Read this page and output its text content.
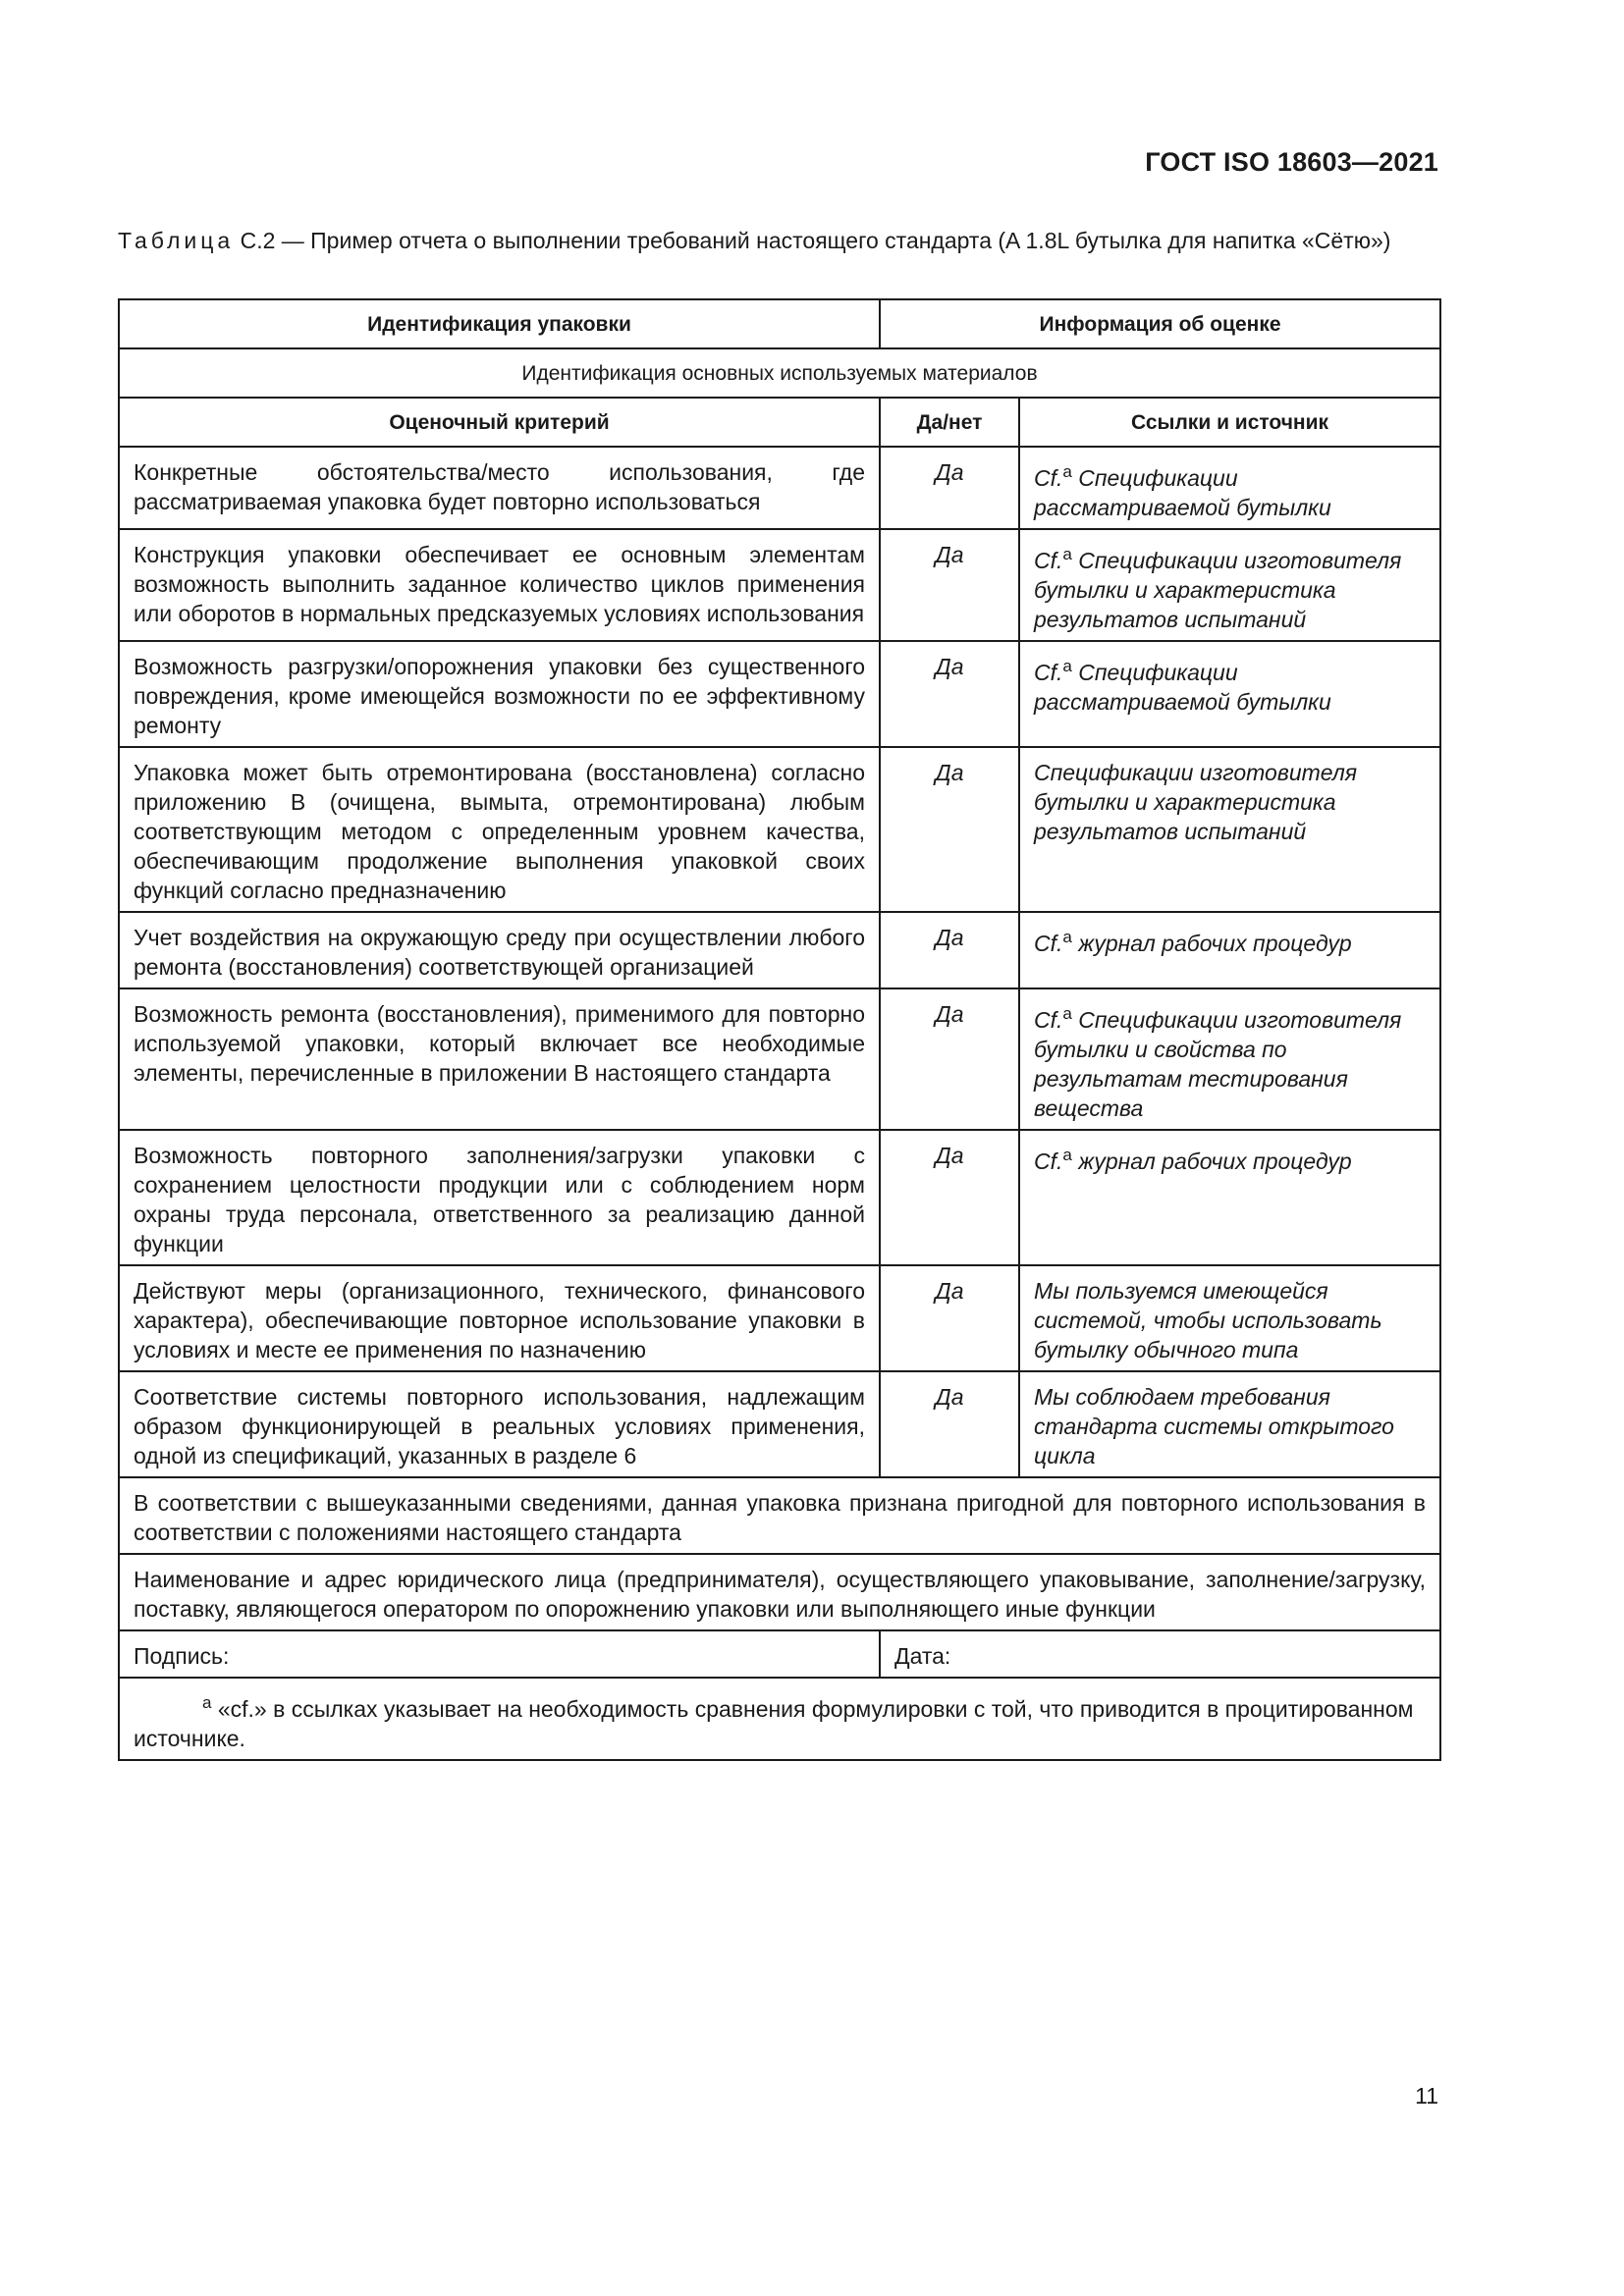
ГОСТ ISO 18603—2021
Таблица С.2 — Пример отчета о выполнении требований настоящего стандарта (A 1.8L бутылка для напитка «Сётю»)
Идентификация упаковки	Информация об оценке	
Идентификация основных используемых материалов		
Оценочный критерий	Да/нет	Ссылки и источник
Конкретные обстоятельства/место использования, где рассматриваемая упаковка будет повторно использоваться	Да	Cf.$^a$ Спецификации рассматриваемой бутылки
Конструкция упаковки обеспечивает ее основным элементам возможность выполнить заданное количество циклов применения или оборотов в нормальных предсказуемых условиях использования	Да	Cf.$^a$ Спецификации изготовителя бутылки и характеристика результатов испытаний
Возможность разгрузки/опорожнения упаковки без существенного повреждения, кроме имеющейся возможности по ее эффективному ремонту	Да	Cf.$^a$ Спецификации рассматриваемой бутылки
Упаковка может быть отремонтирована (восстановлена) согласно приложению B (очищена, вымыта, отремонтирована) любым соответствующим методом с определенным уровнем качества, обеспечивающим продолжение выполнения упаковкой своих функций согласно предназначению	Да	Спецификации изготовителя бутылки и характеристика результатов испытаний
Учет воздействия на окружающую среду при осуществлении любого ремонта (восстановления) соответствующей организацией	Да	Cf.$^a$ журнал рабочих процедур
Возможность ремонта (восстановления), применимого для повторно используемой упаковки, который включает все необходимые элементы, перечисленные в приложении B настоящего стандарта	Да	Cf.$^a$ Спецификации изготовителя бутылки и свойства по результатам тестирования вещества
Возможность повторного заполнения/загрузки упаковки с сохранением целостности продукции или с соблюдением норм охраны труда персонала, ответственного за реализацию данной функции	Да	Cf.$^a$ журнал рабочих процедур
Действуют меры (организационного, технического, финансового характера), обеспечивающие повторное использование упаковки в условиях и месте ее применения по назначению	Да	Мы пользуемся имеющейся системой, чтобы использовать бутылку обычного типа
Соответствие системы повторного использования, надлежащим образом функционирующей в реальных условиях применения, одной из спецификаций, указанных в разделе 6	Да	Мы соблюдаем требования стандарта системы открытого цикла
В соответствии с вышеуказанными сведениями, данная упаковка признана пригодной для повторного использования в соответствии с положениями настоящего стандарта		
Наименование и адрес юридического лица (предпринимателя), осуществляющего упаковывание, заполнение/загрузку, поставку, являющегося оператором по опорожнению упаковки или выполняющего иные функции		
Подпись:	Дата:	
$^a$ «cf.» в ссылках указывает на необходимость сравнения формулировки с той, что приводится в процитированном источнике.		
11
